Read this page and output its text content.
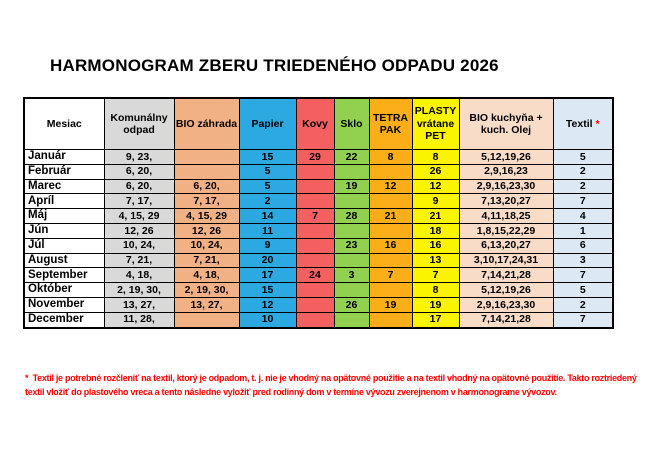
HARMONOGRAM ZBERU TRIEDENÉHO ODPADU 2026
Mesiac	Komunálny odpad	BIO záhrada	Papier	Kovy	Sklo	TETRA PAK	PLASTY vrátane PET	BIO kuchyňa + kuch. Olej	Textil *
Január	9, 23,		15	29	22	8	8	5,12,19,26	5
Február	6, 20,		5				26	2,9,16,23	2
Marec	6, 20,	6, 20,	5		19	12	12	2,9,16,23,30	2
Apríl	7, 17,	7, 17,	2				9	7,13,20,27	7
Máj	4, 15, 29	4, 15, 29	14	7	28	21	21	4,11,18,25	4
Jún	12, 26	12, 26	11				18	1,8,15,22,29	1
Júl	10, 24,	10, 24,	9		23	16	16	6,13,20,27	6
August	7, 21,	7, 21,	20				13	3,10,17,24,31	3
September	4, 18,	4, 18,	17	24	3	7	7	7,14,21,28	7
Október	2, 19, 30,	2, 19, 30,	15				8	5,12,19,26	5
November	13, 27,	13, 27,	12		26	19	19	2,9,16,23,30	2
December	11, 28,		10				17	7,14,21,28	7

* Textil je potrebné rozčleniť na textil, ktorý je odpadom, t. j. nie je vhodný na opätovné použitie a na textil vhodný na opätovné použitie. Takto roztriedený textil vložiť do plastového vreca a tento následne vyložiť pred rodinný dom v termíne vývozu zverejnenom v harmonograme vývozov.
